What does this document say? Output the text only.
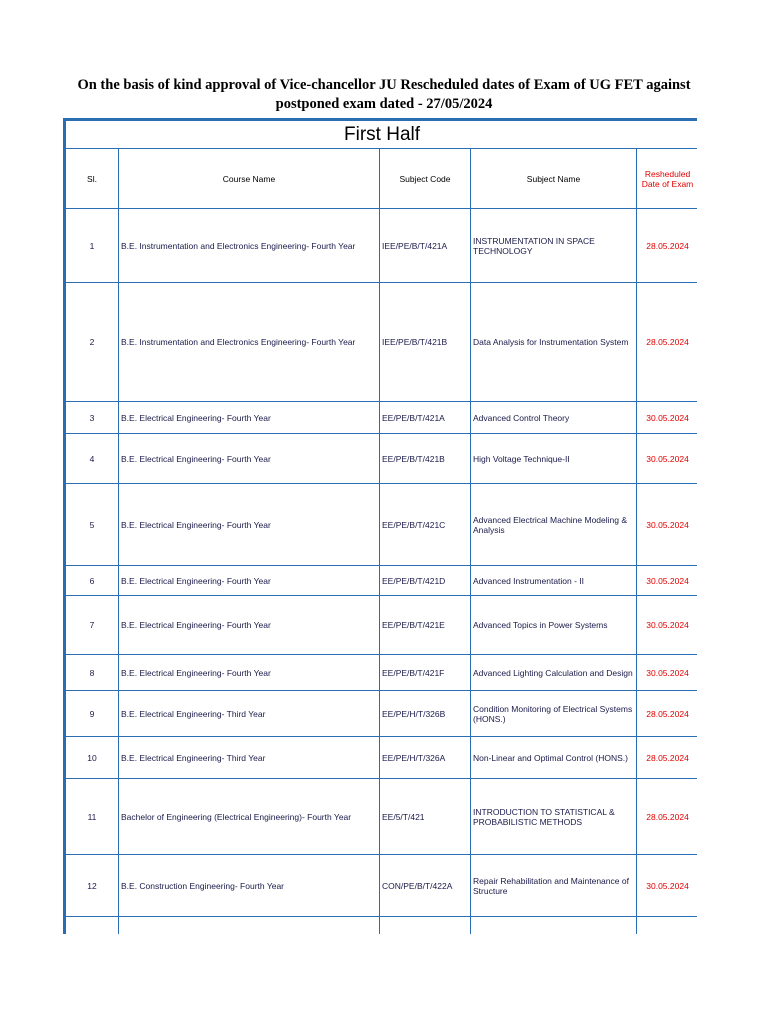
On the basis of kind approval of Vice-chancellor JU Rescheduled dates of Exam of UG FET against
postponed exam dated - 27/05/2024
First Half				
Sl.	Course Name	Subject Code	Subject Name	Resheduled Date of Exam
1	B.E. Instrumentation and Electronics Engineering- Fourth Year	IEE/PE/B/T/421A	INSTRUMENTATION IN SPACE TECHNOLOGY	28.05.2024
2	B.E. Instrumentation and Electronics Engineering- Fourth Year	IEE/PE/B/T/421B	Data Analysis for Instrumentation System	28.05.2024
3	B.E. Electrical Engineering- Fourth Year	EE/PE/B/T/421A	Advanced Control Theory	30.05.2024
4	B.E. Electrical Engineering- Fourth Year	EE/PE/B/T/421B	High Voltage Technique-II	30.05.2024
5	B.E. Electrical Engineering- Fourth Year	EE/PE/B/T/421C	Advanced Electrical Machine Modeling & Analysis	30.05.2024
6	B.E. Electrical Engineering- Fourth Year	EE/PE/B/T/421D	Advanced Instrumentation - II	30.05.2024
7	B.E. Electrical Engineering- Fourth Year	EE/PE/B/T/421E	Advanced Topics in Power Systems	30.05.2024
8	B.E. Electrical Engineering- Fourth Year	EE/PE/B/T/421F	Advanced Lighting Calculation and Design	30.05.2024
9	B.E. Electrical Engineering- Third Year	EE/PE/H/T/326B	Condition Monitoring of Electrical Systems (HONS.)	28.05.2024
10	B.E. Electrical Engineering- Third Year	EE/PE/H/T/326A	Non-Linear and Optimal Control (HONS.)	28.05.2024
11	Bachelor of Engineering (Electrical Engineering)- Fourth Year	EE/5/T/421	INTRODUCTION TO STATISTICAL & PROBABILISTIC METHODS	28.05.2024
12	B.E. Construction Engineering- Fourth Year	CON/PE/B/T/422A	Repair Rehabilitation and Maintenance of Structure	30.05.2024
